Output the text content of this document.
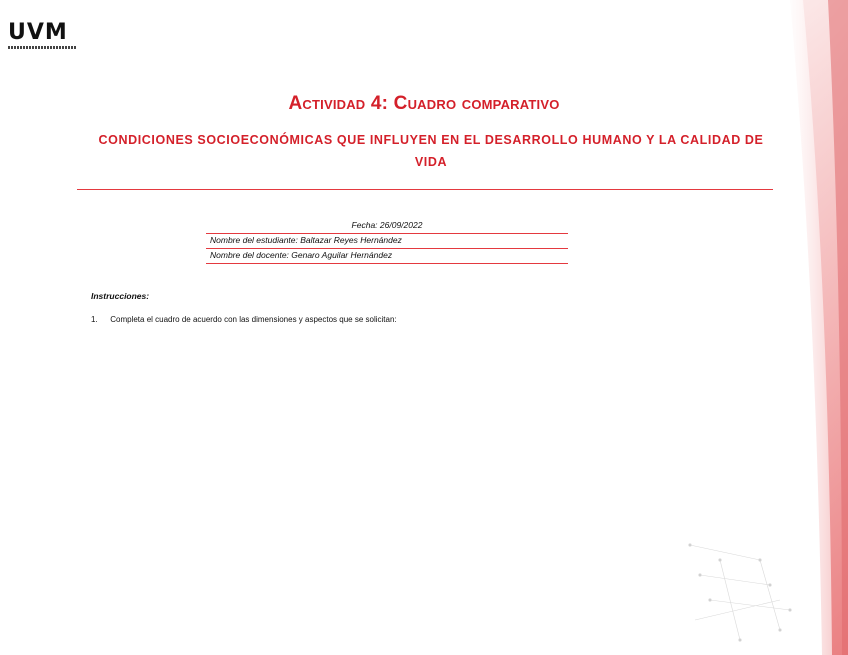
UVM
Actividad 4: Cuadro comparativo
CONDICIONES SOCIOECONÓMICAS QUE INFLUYEN EN EL DESARROLLO HUMANO Y LA CALIDAD DE VIDA
Fecha: 26/09/2022
Nombre del estudiante: Baltazar Reyes Hernández
Nombre del docente: Genaro Aguilar Hernández
Instrucciones:
1. Completa el cuadro de acuerdo con las dimensiones y aspectos que se solicitan:
